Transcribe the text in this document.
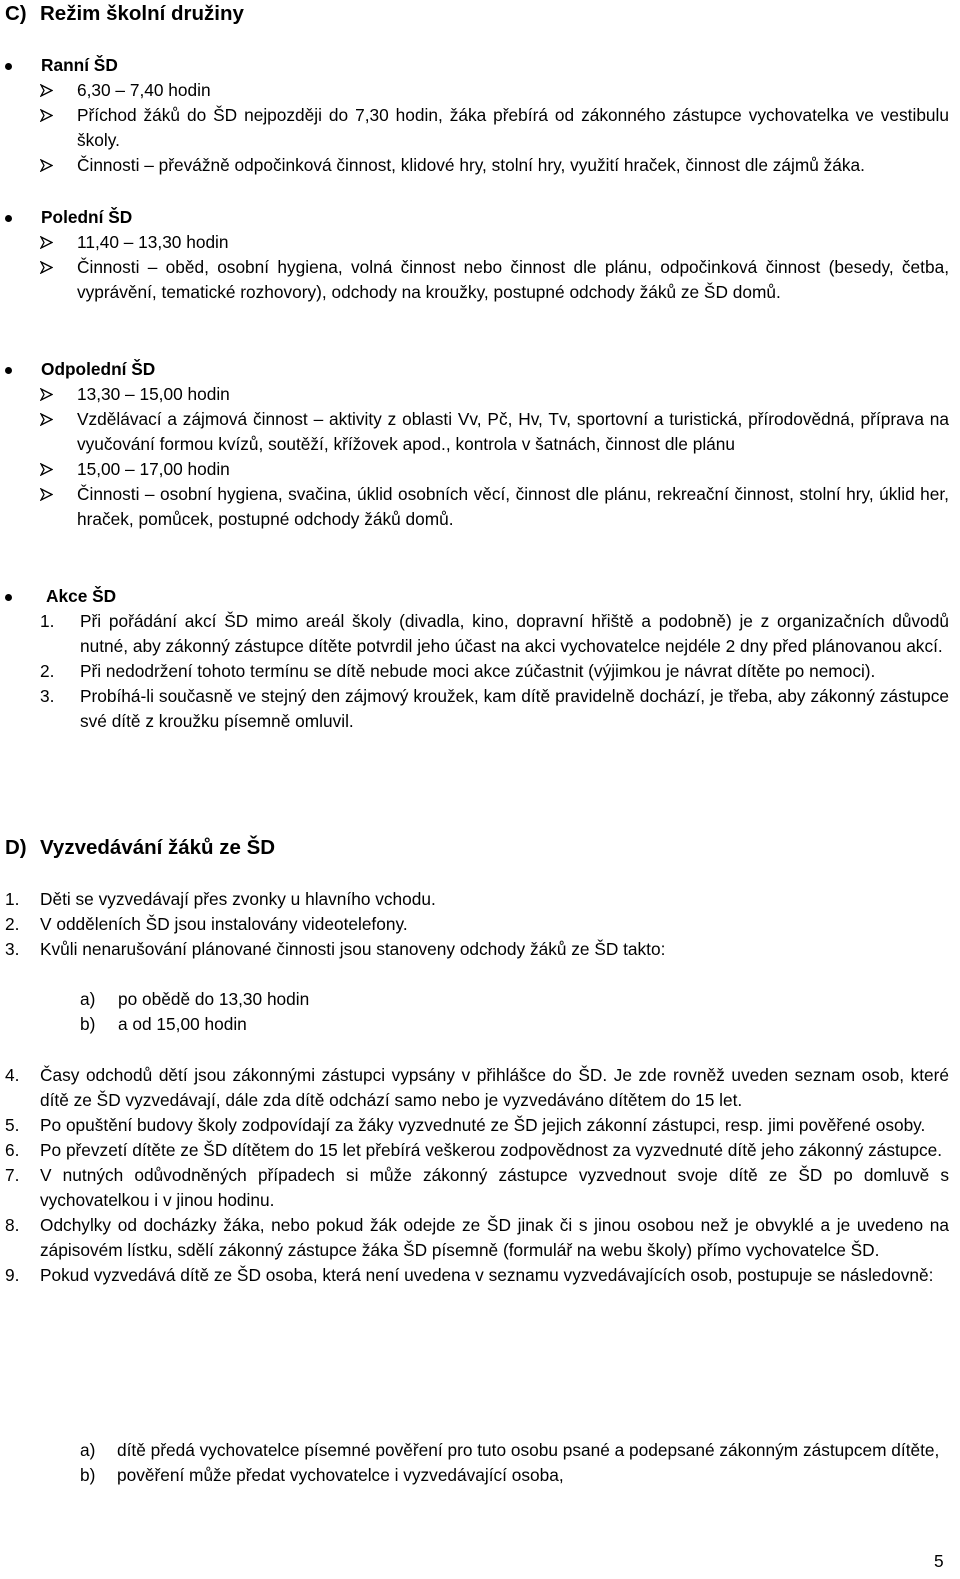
C) Režim školní družiny
Ranní ŠD
6,30 – 7,40 hodin
Příchod žáků do ŠD nejpozději do 7,30 hodin, žáka přebírá od zákonného zástupce vychovatelka ve vestibulu školy.
Činnosti – převážně odpočinková činnost, klidové hry, stolní hry, využití hraček, činnost dle zájmů žáka.
Polední ŠD
11,40 – 13,30 hodin
Činnosti – oběd, osobní hygiena, volná činnost nebo činnost dle plánu, odpočinková činnost (besedy, četba, vyprávění, tematické rozhovory), odchody na kroužky, postupné odchody žáků ze ŠD domů.
Odpolední ŠD
13,30 – 15,00 hodin
Vzdělávací a zájmová činnost – aktivity z oblasti Vv, Pč, Hv, Tv, sportovní a turistická, přírodovědná, příprava na vyučování formou kvízů, soutěží, křížovek apod., kontrola v šatnách, činnost dle plánu
15,00 – 17,00 hodin
Činnosti – osobní hygiena, svačina, úklid osobních věcí, činnost dle plánu, rekreační činnost, stolní hry, úklid her, hraček, pomůcek, postupné odchody žáků domů.
Akce ŠD
1. Při pořádání akcí ŠD mimo areál školy (divadla, kino, dopravní hřiště a podobně) je z organizačních důvodů nutné, aby zákonný zástupce dítěte potvrdil jeho účast na akci vychovatelce nejdéle 2 dny před plánovanou akcí.
2. Při nedodržení tohoto termínu se dítě nebude moci akce zúčastnit (výjimkou je návrat dítěte po nemoci).
3. Probíhá-li současně ve stejný den zájmový kroužek, kam dítě pravidelně dochází, je třeba, aby zákonný zástupce své dítě z kroužku písemně omluvil.
D) Vyzvedávání žáků ze ŠD
1. Děti se vyzvedávají přes zvonky u hlavního vchodu.
2. V odděleních ŠD jsou instalovány videotelefony.
3. Kvůli nenarušování plánované činnosti jsou stanoveny odchody žáků ze ŠD takto:
a) po obědě do 13,30 hodin
b) a od 15,00 hodin
4. Časy odchodů dětí jsou zákonnými zástupci vypsány v přihlášce do ŠD. Je zde rovněž uveden seznam osob, které dítě ze ŠD vyzvedávají, dále zda dítě odchází samo nebo je vyzvedáváno dítětem do 15 let.
5. Po opuštění budovy školy zodpovídají za žáky vyzvednuté ze ŠD jejich zákonní zástupci, resp. jimi pověřené osoby.
6. Po převzetí dítěte ze ŠD dítětem do 15 let přebírá veškerou zodpovědnost za vyzvednuté dítě jeho zákonný zástupce.
7. V nutných odůvodněných případech si může zákonný zástupce vyzvednout svoje dítě ze ŠD po domluvě s vychovatelkou i v jinou hodinu.
8. Odchylky od docházky žáka, nebo pokud žák odejde ze ŠD jinak či s jinou osobou než je obvyklé a je uvedeno na zápisovém lístku, sdělí zákonný zástupce žáka ŠD písemně (formulář na webu školy) přímo vychovatelce ŠD.
9. Pokud vyzvedává dítě ze ŠD osoba, která není uvedena v seznamu vyzvedávajících osob, postupuje se následovně:
a) dítě předá vychovatelce písemné pověření pro tuto osobu psané a podepsané zákonným zástupcem dítěte,
b) pověření může předat vychovatelce i vyzvedávající osoba,
5
